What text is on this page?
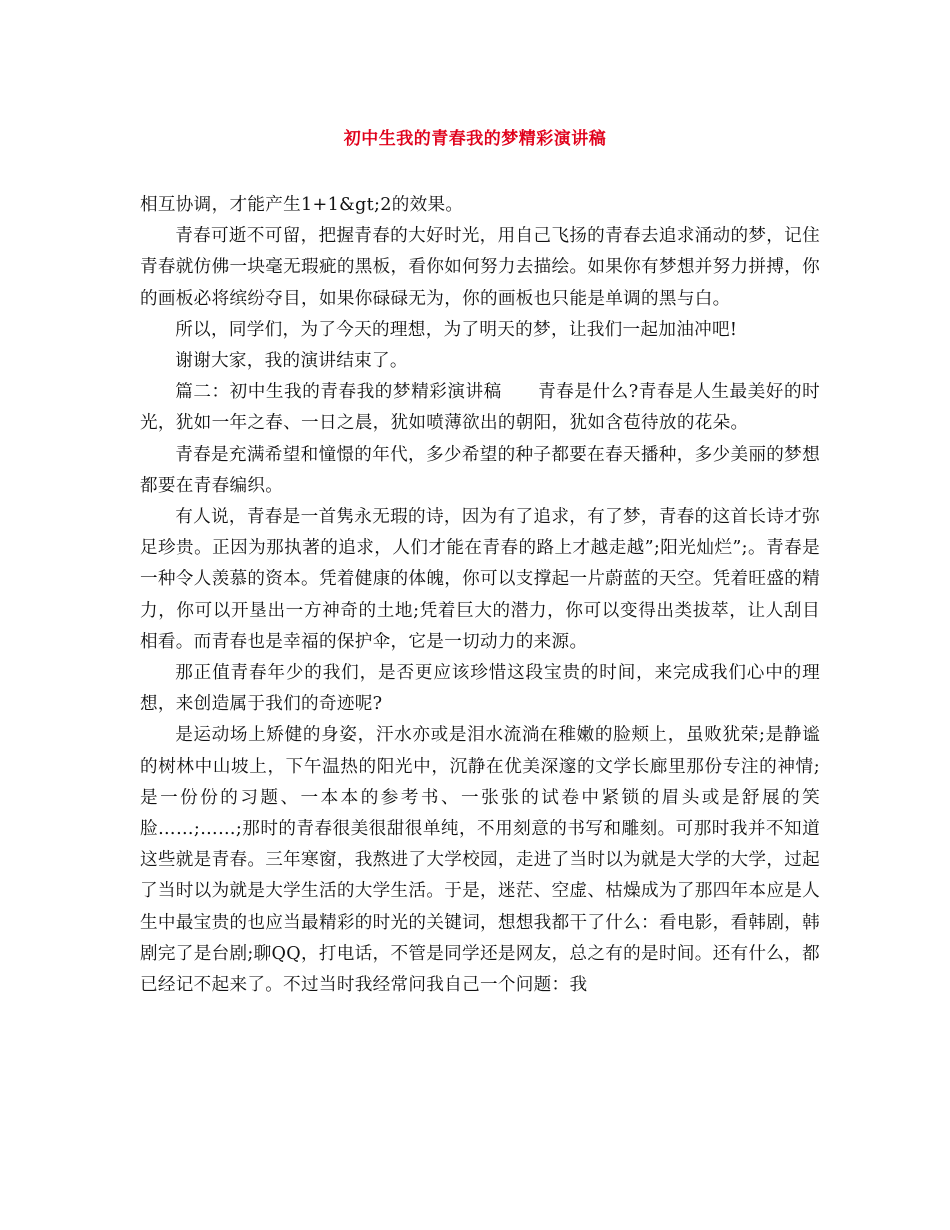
初中生我的青春我的梦精彩演讲稿

相互协调，才能产生1+1&gt;2的效果。

青春可逝不可留，把握青春的大好时光，用自己飞扬的青春去追求涌动的梦，记住青春就仿佛一块毫无瑕疵的黑板，看你如何努力去描绘。如果你有梦想并努力拼搏，你的画板必将缤纷夺目，如果你碌碌无为，你的画板也只能是单调的黑与白。

所以，同学们，为了今天的理想，为了明天的梦，让我们一起加油冲吧!

谢谢大家，我的演讲结束了。

篇二：初中生我的青春我的梦精彩演讲稿　　青春是什么?青春是人生最美好的时光，犹如一年之春、一日之晨，犹如喷薄欲出的朝阳，犹如含苞待放的花朵。

青春是充满希望和憧憬的年代，多少希望的种子都要在春天播种，多少美丽的梦想都要在青春编织。

有人说，青春是一首隽永无瑕的诗，因为有了追求，有了梦，青春的这首长诗才弥足珍贵。正因为那执著的追求，人们才能在青春的路上才越走越”;阳光灿烂”;。青春是一种令人羡慕的资本。凭着健康的体魄，你可以支撑起一片蔚蓝的天空。凭着旺盛的精力，你可以开垦出一方神奇的土地;凭着巨大的潜力，你可以变得出类拔萃，让人刮目相看。而青春也是幸福的保护伞，它是一切动力的来源。

那正值青春年少的我们，是否更应该珍惜这段宝贵的时间，来完成我们心中的理想，来创造属于我们的奇迹呢?

是运动场上矫健的身姿，汗水亦或是泪水流淌在稚嫩的脸颊上，虽败犹荣;是静谧的树林中山坡上，下午温热的阳光中，沉静在优美深邃的文学长廊里那份专注的神情;是一份份的习题、一本本的参考书、一张张的试卷中紧锁的眉头或是舒展的笑脸……;……;那时的青春很美很甜很单纯，不用刻意的书写和雕刻。可那时我并不知道这些就是青春。三年寒窗，我熬进了大学校园，走进了当时以为就是大学的大学，过起了当时以为就是大学生活的大学生活。于是，迷茫、空虚、枯燥成为了那四年本应是人生中最宝贵的也应当最精彩的时光的关键词，想想我都干了什么：看电影，看韩剧，韩剧完了是台剧;聊QQ，打电话，不管是同学还是网友，总之有的是时间。还有什么，都已经记不起来了。不过当时我经常问我自己一个问题：我
